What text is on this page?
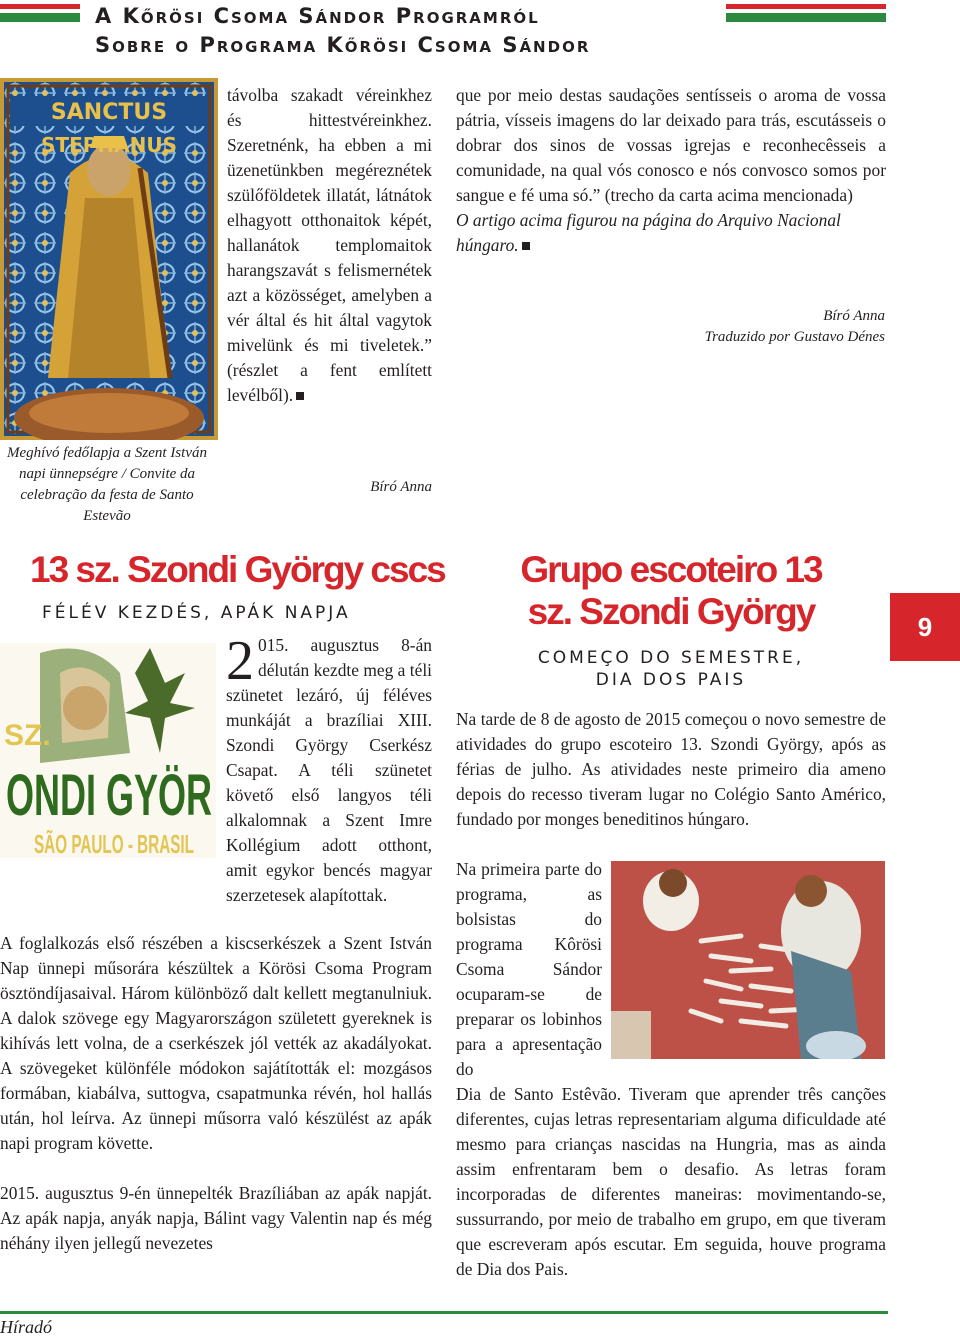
A Kőrösi Csoma Sándor Programról
Sobre o Programa Kőrösi Csoma Sándor
SANCTUS
STEPHANUS
Meghívó fedőlapja a Szent István napi ünnepségre / Convite da celebração da festa de Santo Estevão

távolba szakadt véreinkhez és hittestvéreinkhez. Szeretnénk, ha ebben a mi üzenetünkben megéreznétek szülőföldetek illatát, látnátok elhagyott otthonaitok képét, hallanátok templomaitok harangszavát s felismernétek azt a közösséget, amelyben a vér által és hit által vagytok mivelünk és mi tiveletek.” (részlet a fent említett levélből).

Bíró Anna

que por meio destas saudações sentísseis o aroma de vossa pátria, vísseis imagens do lar deixado para trás, escutásseis o dobrar dos sinos de vossas igrejas e reconhecêsseis a comunidade, na qual vós conosco e nós convosco somos por sangue e fé uma só.” (trecho da carta acima mencionada)

O artigo acima figurou na página do Arquivo Nacional húngaro.

Bíró Anna
Traduzido por Gustavo Dénes
13 sz. Szondi György cscs
FÉLÉV KEZDÉS, APÁK NAPJA
SZ.
ONDI GYÖR
SÃO PAULO - BRASIL

2 015. augusztus 8-án délután kezdte meg a téli szünetet lezáró, új féléves munkáját a brazíliai XIII. Szondi György Cserkész Csapat. A téli szünetet követő első langyos téli alkalomnak a Szent Imre Kollégium adott otthont, amit egykor bencés magyar szerzetesek alapítottak.

A foglalkozás első részében a kiscserkészek a Szent István Nap ünnepi műsorára készültek a Körösi Csoma Program ösztöndíjasaival. Három különböző dalt kellett megtanulniuk. A dalok szövege egy Magyarországon született gyereknek is kihívás lett volna, de a cserkészek jól vették az akadályokat. A szövegeket különféle módokon sajátították el: mozgásos formában, kiabálva, suttogva, csapatmunka révén, hol hallás után, hol leírva. Az ünnepi műsorra való készülést az apák napi program követte.

2015. augusztus 9-én ünnepelték Brazíliában az apák napját. Az apák napja, anyák napja, Bálint vagy Valentin nap és még néhány ilyen jellegű nevezetes

Grupo escoteiro 13
sz. Szondi György
COMEÇO DO SEMESTRE,
DIA DOS PAIS

Na tarde de 8 de agosto de 2015 começou o novo semestre de atividades do grupo escoteiro 13. Szondi György, após as férias de julho. As atividades neste primeiro dia ameno depois do recesso tiveram lugar no Colégio Santo Américo, fundado por monges beneditinos húngaro.

Na primeira parte do programa, as bolsistas do programa Kôrösi Csoma Sándor ocuparam-se de preparar os lobinhos para a apresentação do

Dia de Santo Estêvão. Tiveram que aprender três canções diferentes, cujas letras representariam alguma dificuldade até mesmo para crianças nascidas na Hungria, mas as ainda assim enfrentaram bem o desafio. As letras foram incorporadas de diferentes maneiras: movimentando-se, sussurrando, por meio de trabalho em grupo, em que tiveram que escreveram após escutar. Em seguida, houve programa de Dia dos Pais.

9
Híradó
